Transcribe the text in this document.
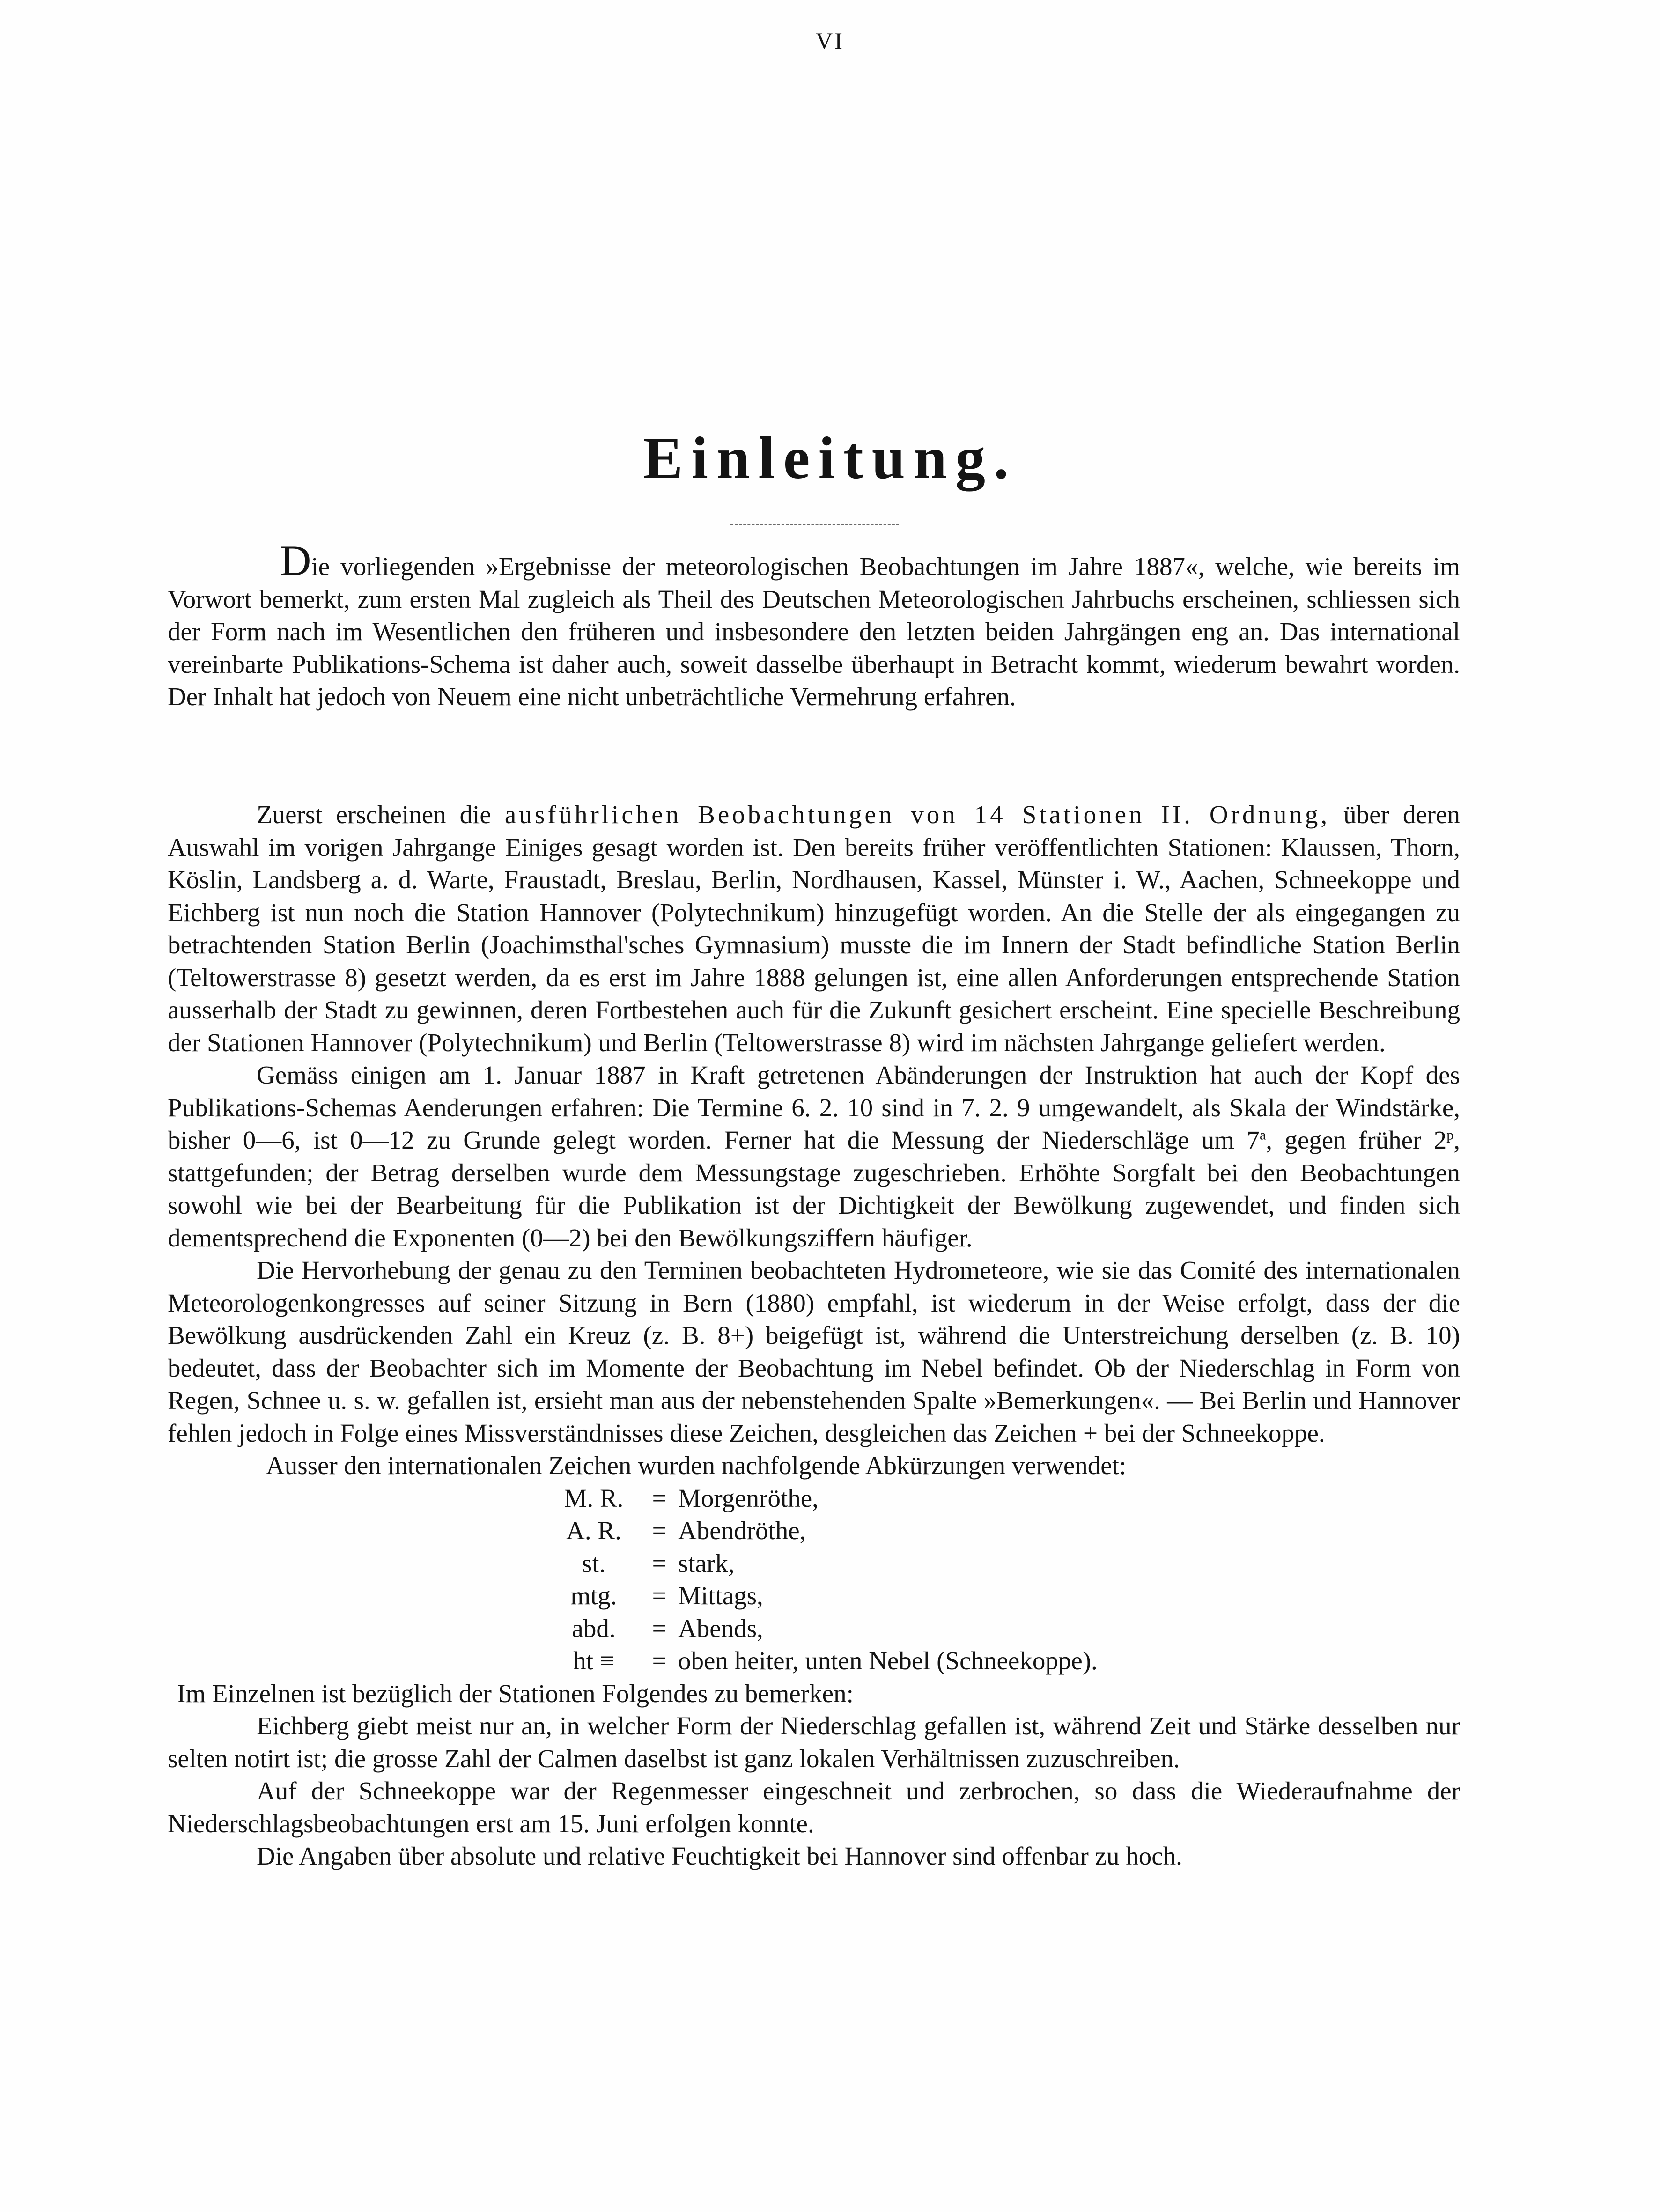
VI
Einleitung.

Die vorliegenden »Ergebnisse der meteorologischen Beobachtungen im Jahre 1887«, welche, wie bereits im Vorwort bemerkt, zum ersten Mal zugleich als Theil des Deutschen Meteorologischen Jahrbuchs erscheinen, schliessen sich der Form nach im Wesentlichen den früheren und insbesondere den letzten beiden Jahrgängen eng an. Das international vereinbarte Publikations-Schema ist daher auch, soweit dasselbe überhaupt in Betracht kommt, wiederum bewahrt worden. Der Inhalt hat jedoch von Neuem eine nicht unbeträchtliche Vermehrung erfahren.

Zuerst erscheinen die ausführlichen Beobachtungen von 14 Stationen II. Ordnung, über deren Auswahl im vorigen Jahrgange Einiges gesagt worden ist. Den bereits früher veröffentlichten Stationen: Klaussen, Thorn, Köslin, Landsberg a. d. Warte, Fraustadt, Breslau, Berlin, Nordhausen, Kassel, Münster i. W., Aachen, Schneekoppe und Eichberg ist nun noch die Station Hannover (Polytechnikum) hinzugefügt worden. An die Stelle der als eingegangen zu betrachtenden Station Berlin (Joachimsthal'sches Gymnasium) musste die im Innern der Stadt befindliche Station Berlin (Teltowerstrasse 8) gesetzt werden, da es erst im Jahre 1888 gelungen ist, eine allen Anforderungen entsprechende Station ausserhalb der Stadt zu gewinnen, deren Fortbestehen auch für die Zukunft gesichert erscheint. Eine specielle Beschreibung der Stationen Hannover (Polytechnikum) und Berlin (Teltowerstrasse 8) wird im nächsten Jahrgange geliefert werden.

Gemäss einigen am 1. Januar 1887 in Kraft getretenen Abänderungen der Instruktion hat auch der Kopf des Publikations-Schemas Aenderungen erfahren: Die Termine 6. 2. 10 sind in 7. 2. 9 umgewandelt, als Skala der Windstärke, bisher 0—6, ist 0—12 zu Grunde gelegt worden. Ferner hat die Messung der Niederschläge um 7$^a$, gegen früher 2$^p$, stattgefunden; der Betrag derselben wurde dem Messungstage zugeschrieben. Erhöhte Sorgfalt bei den Beobachtungen sowohl wie bei der Bearbeitung für die Publikation ist der Dichtigkeit der Bewölkung zugewendet, und finden sich dementsprechend die Exponenten (0—2) bei den Bewölkungsziffern häufiger.

Die Hervorhebung der genau zu den Terminen beobachteten Hydrometeore, wie sie das Comité des internationalen Meteorologenkongresses auf seiner Sitzung in Bern (1880) empfahl, ist wiederum in der Weise erfolgt, dass der die Bewölkung ausdrückenden Zahl ein Kreuz (z. B. 8+) beigefügt ist, während die Unterstreichung derselben (z. B. 10) bedeutet, dass der Beobachter sich im Momente der Beobachtung im Nebel befindet. Ob der Niederschlag in Form von Regen, Schnee u. s. w. gefallen ist, ersieht man aus der nebenstehenden Spalte »Bemerkungen«. — Bei Berlin und Hannover fehlen jedoch in Folge eines Missverständnisses diese Zeichen, desgleichen das Zeichen + bei der Schneekoppe.

Ausser den internationalen Zeichen wurden nachfolgende Abkürzungen verwendet:

M. R.	= Morgenröthe,
A. R.	= Abendröthe,
st.	= stark,
mtg.	= Mittags,
abd.	= Abends,
ht ≡	= oben heiter, unten Nebel (Schneekoppe).

Im Einzelnen ist bezüglich der Stationen Folgendes zu bemerken:

Eichberg giebt meist nur an, in welcher Form der Niederschlag gefallen ist, während Zeit und Stärke desselben nur selten notirt ist; die grosse Zahl der Calmen daselbst ist ganz lokalen Verhältnissen zuzuschreiben.

Auf der Schneekoppe war der Regenmesser eingeschneit und zerbrochen, so dass die Wiederaufnahme der Niederschlagsbeobachtungen erst am 15. Juni erfolgen konnte.

Die Angaben über absolute und relative Feuchtigkeit bei Hannover sind offenbar zu hoch.
